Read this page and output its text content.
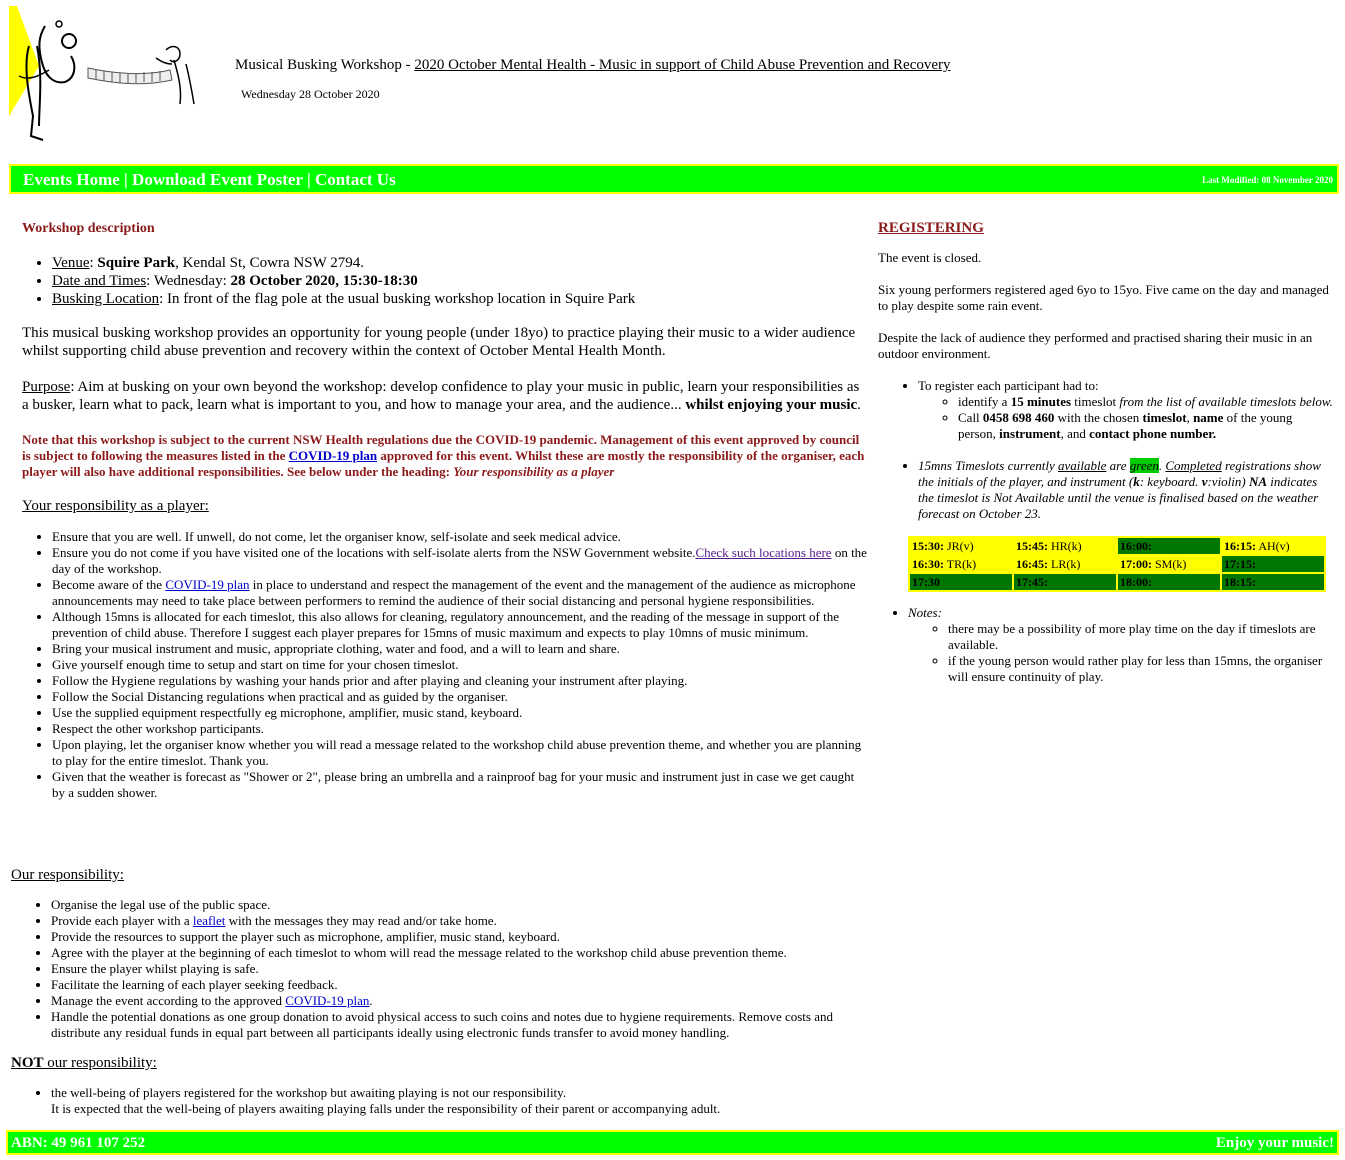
Musical Busking Workshop - 2020 October Mental Health - Music in support of Child Abuse Prevention and Recovery
Wednesday 28 October 2020
Events Home | Download Event Poster | Contact Us	Last Modified: 08 November 2020
Workshop description
• Venue: Squire Park, Kendal St, Cowra NSW 2794.
• Date and Times: Wednesday: 28 October 2020, 15:30-18:30
• Busking Location: In front of the flag pole at the usual busking workshop location in Squire Park

This musical busking workshop provides an opportunity for young people (under 18yo) to practice playing their music to a wider audience whilst supporting child abuse prevention and recovery within the context of October Mental Health Month.

Purpose: Aim at busking on your own beyond the workshop: develop confidence to play your music in public, learn your responsibilities as a busker, learn what to pack, learn what is important to you, and how to manage your area, and the audience... whilst enjoying your music.

Note that this workshop is subject to the current NSW Health regulations due the COVID-19 pandemic. Management of this event approved by council is subject to following the measures listed in the COVID-19 plan approved for this event. Whilst these are mostly the responsibility of the organiser, each player will also have additional responsibilities. See below under the heading: Your responsibility as a player

Your responsibility as a player:
• Ensure that you are well. If unwell, do not come, let the organiser know, self-isolate and seek medical advice.
• Ensure you do not come if you have visited one of the locations with self-isolate alerts from the NSW Government website.Check such locations here on the day of the workshop.
• Become aware of the COVID-19 plan in place to understand and respect the management of the event and the management of the audience as microphone announcements may need to take place between performers to remind the audience of their social distancing and personal hygiene responsibilities.
• Although 15mns is allocated for each timeslot, this also allows for cleaning, regulatory announcement, and the reading of the message in support of the prevention of child abuse. Therefore I suggest each player prepares for 15mns of music maximum and expects to play 10mns of music minimum.
• Bring your musical instrument and music, appropriate clothing, water and food, and a will to learn and share.
• Give yourself enough time to setup and start on time for your chosen timeslot.
• Follow the Hygiene regulations by washing your hands prior and after playing and cleaning your instrument after playing.
• Follow the Social Distancing regulations when practical and as guided by the organiser.
• Use the supplied equipment respectfully eg microphone, amplifier, music stand, keyboard.
• Respect the other workshop participants.
• Upon playing, let the organiser know whether you will read a message related to the workshop child abuse prevention theme, and whether you are planning to play for the entire timeslot. Thank you.
• Given that the weather is forecast as "Shower or 2", please bring an umbrella and a rainproof bag for your music and instrument just in case we get caught by a sudden shower.
Our responsibility:
• Organise the legal use of the public space.
• Provide each player with a leaflet with the messages they may read and/or take home.
• Provide the resources to support the player such as microphone, amplifier, music stand, keyboard.
• Agree with the player at the beginning of each timeslot to whom will read the message related to the workshop child abuse prevention theme.
• Ensure the player whilst playing is safe.
• Facilitate the learning of each player seeking feedback.
• Manage the event according to the approved COVID-19 plan.
• Handle the potential donations as one group donation to avoid physical access to such coins and notes due to hygiene requirements. Remove costs and distribute any residual funds in equal part between all participants ideally using electronic funds transfer to avoid money handling.
NOT our responsibility:
• the well-being of players registered for the workshop but awaiting playing is not our responsibility.
It is expected that the well-being of players awaiting playing falls under the responsibility of their parent or accompanying adult.
REGISTERING

The event is closed.

Six young performers registered aged 6yo to 15yo. Five came on the day and managed to play despite some rain event.

Despite the lack of audience they performed and practised sharing their music in an outdoor environment.

• To register each participant had to:
◦ identify a 15 minutes timeslot from the list of available timeslots below.
◦ Call 0458 698 460 with the chosen timeslot, name of the young person, instrument, and contact phone number.
• 15mns Timeslots currently available are green. Completed registrations show the initials of the player, and instrument (k: keyboard. v:violin) NA indicates the timeslot is Not Available until the venue is finalised based on the weather forecast on October 23.
15:30: JR(v)	15:45: HR(k)	16:00:	16:15: AH(v)
16:30: TR(k)	16:45: LR(k)	17:00: SM(k)	17:15:
17:30	17:45:	18:00:	18:15:
• Notes:
◦ there may be a possibility of more play time on the day if timeslots are available.
◦ if the young person would rather play for less than 15mns, the organiser will ensure continuity of play.
ABN: 49 961 107 252	Enjoy your music!
